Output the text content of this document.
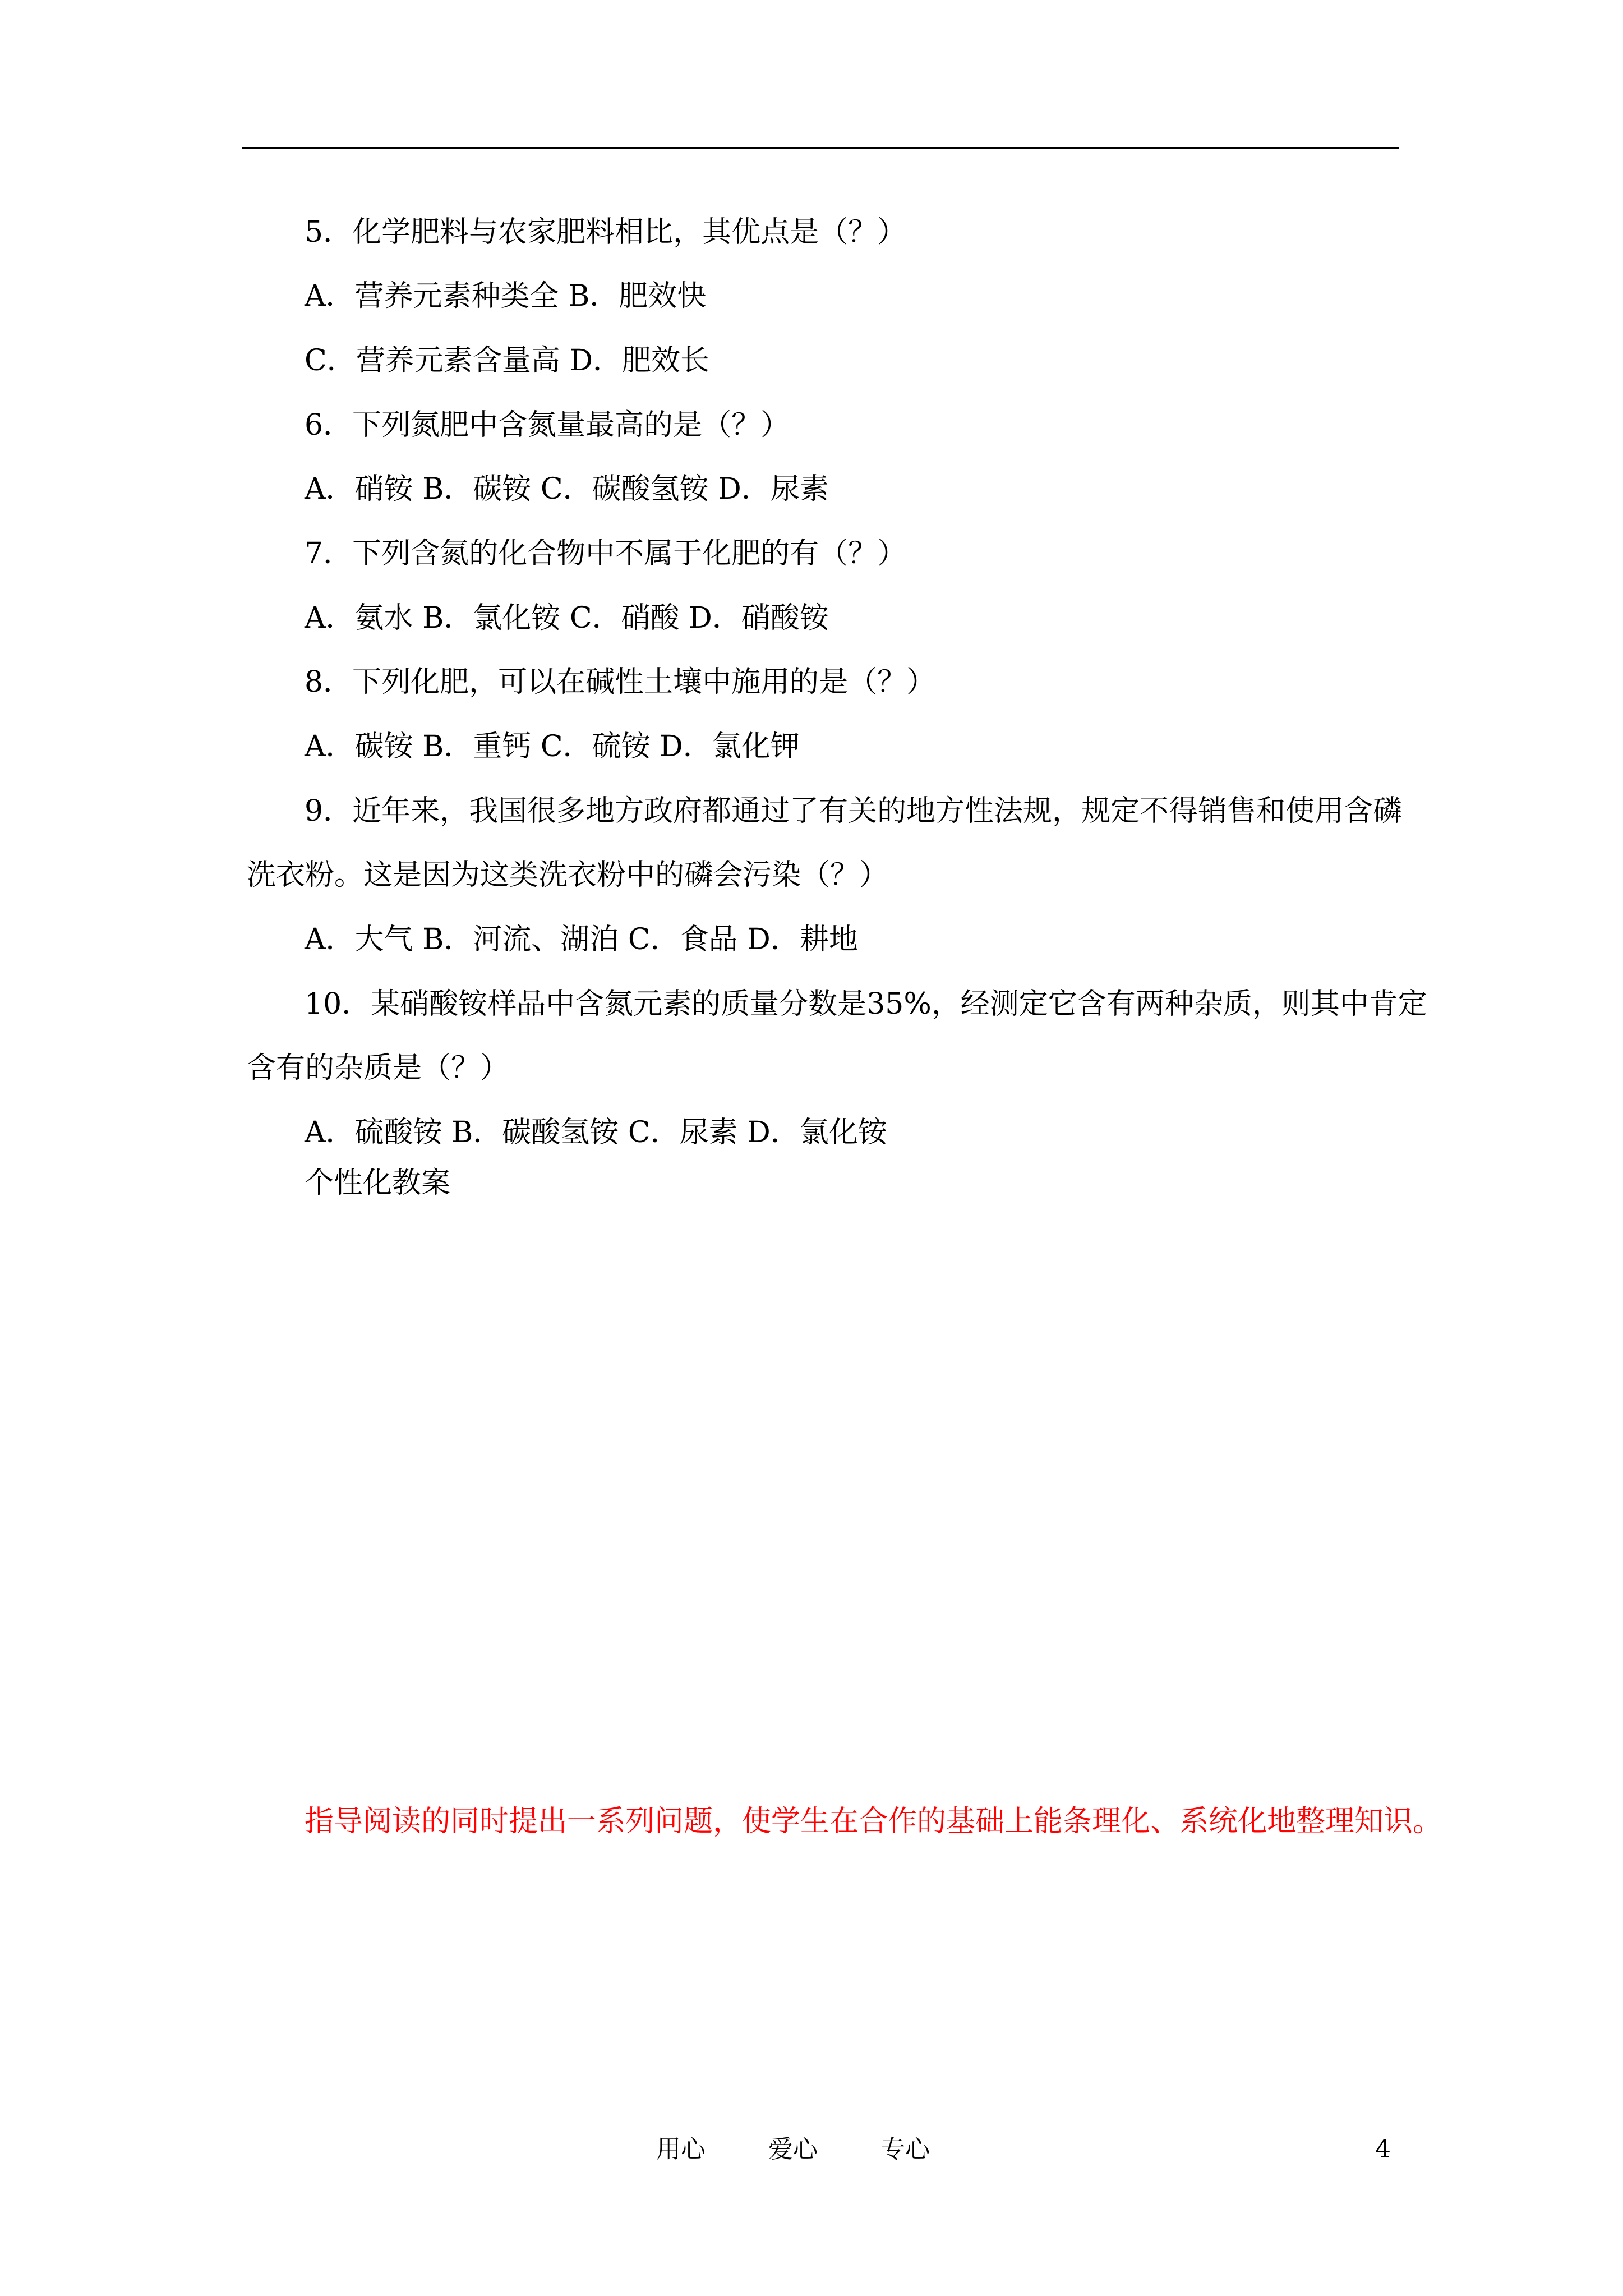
5．化学肥料与农家肥料相比，其优点是（？）
A．营养元素种类全 B．肥效快
C．营养元素含量高 D．肥效长
6．下列氮肥中含氮量最高的是（？）
A．硝铵 B．碳铵 C．碳酸氢铵 D．尿素
7．下列含氮的化合物中不属于化肥的有（？）
A．氨水 B．氯化铵 C．硝酸 D．硝酸铵
8．下列化肥，可以在碱性土壤中施用的是（？）
A．碳铵 B．重钙 C．硫铵 D．氯化钾
9．近年来，我国很多地方政府都通过了有关的地方性法规，规定不得销售和使用含磷
洗衣粉。这是因为这类洗衣粉中的磷会污染（？）
A．大气 B．河流、湖泊 C．食品 D．耕地
10．某硝酸铵样品中含氮元素的质量分数是35%，经测定它含有两种杂质，则其中肯定
含有的杂质是（？）
A．硫酸铵 B．碳酸氢铵 C．尿素 D．氯化铵
个性化教案
指导阅读的同时提出一系列问题，使学生在合作的基础上能条理化、系统化地整理知识。
用心	爱心	专心	4
